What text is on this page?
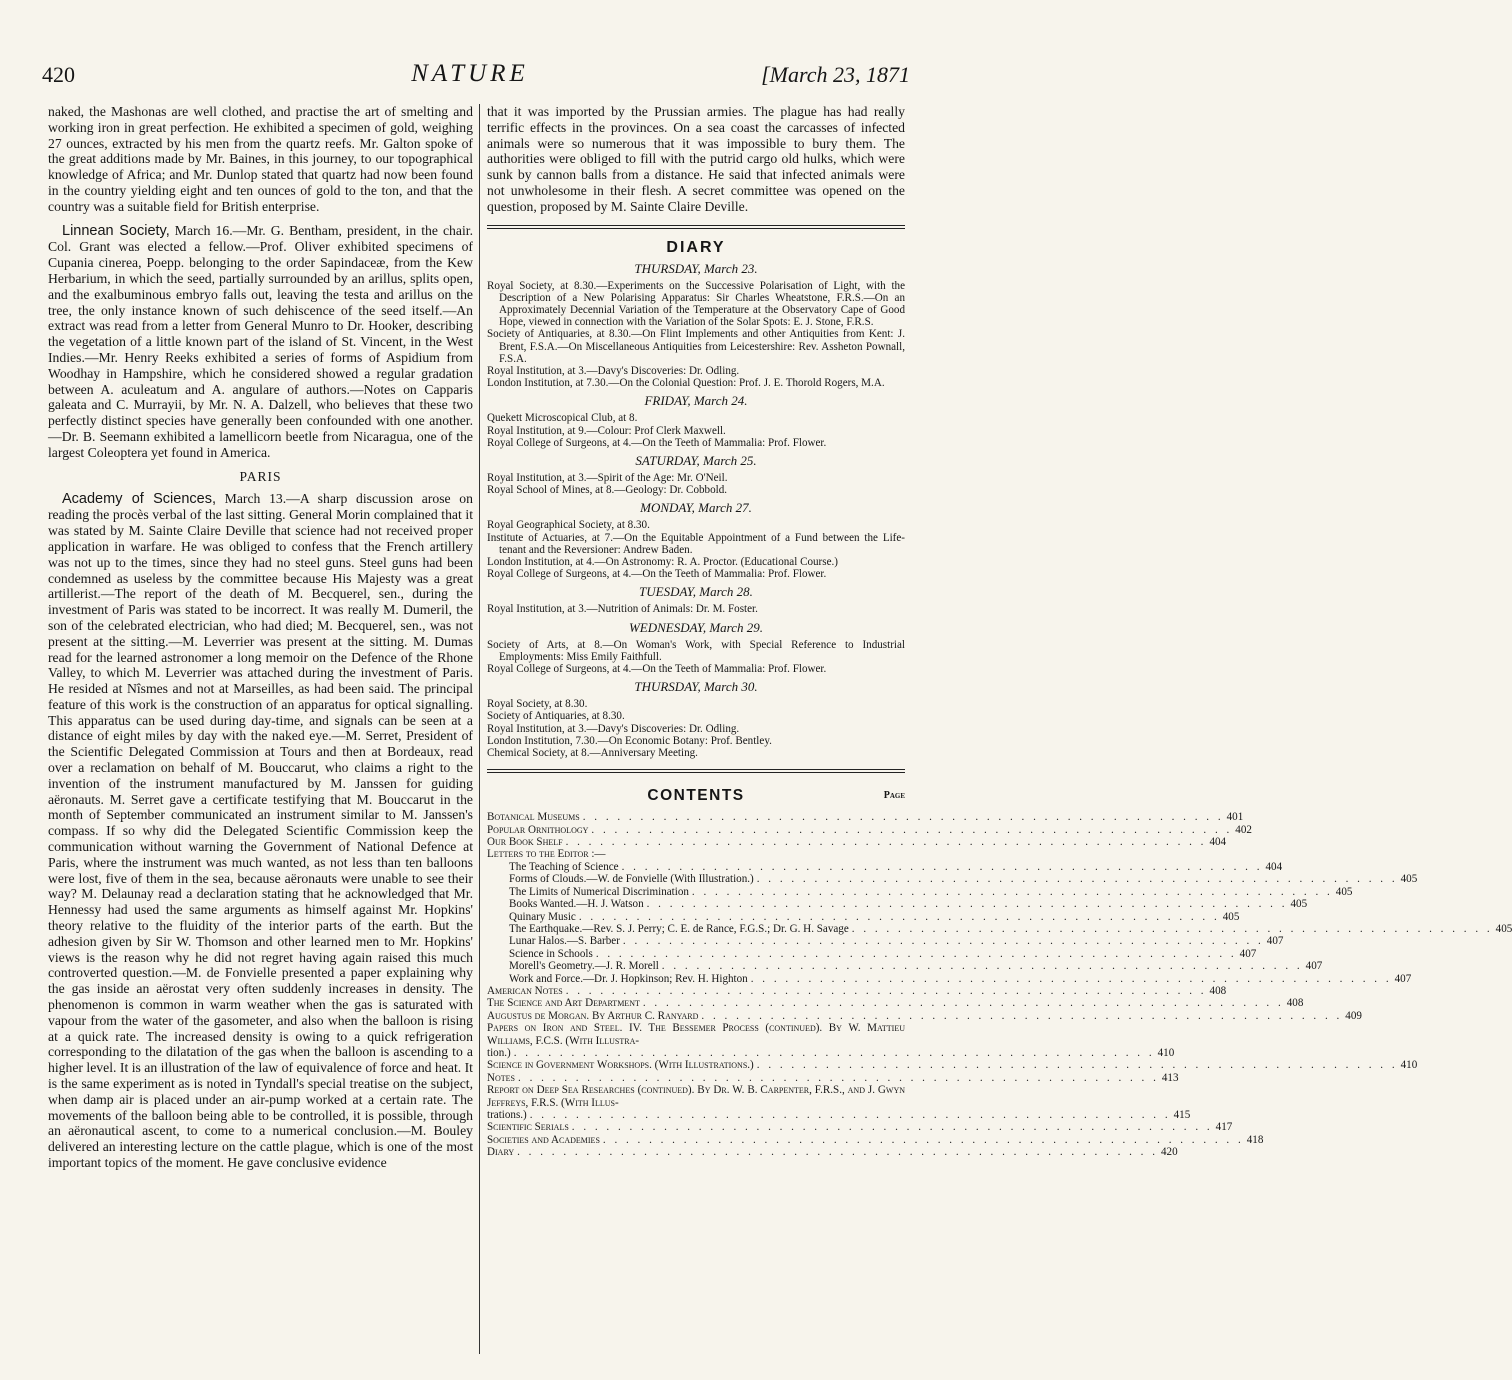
420	NATURE	[March 23, 1871

naked, the Mashonas are well clothed, and practise the art of smelting and working iron in great perfection. He exhibited a specimen of gold, weighing 27 ounces, extracted by his men from the quartz reefs. Mr. Galton spoke of the great additions made by Mr. Baines, in this journey, to our topographical knowledge of Africa; and Mr. Dunlop stated that quartz had now been found in the country yielding eight and ten ounces of gold to the ton, and that the country was a suitable field for British enterprise.

Linnean Society, March 16.—Mr. G. Bentham, president, in the chair. Col. Grant was elected a fellow.—Prof. Oliver exhibited specimens of Cupania cinerea, Poepp. belonging to the order Sapindaceæ, from the Kew Herbarium, in which the seed, partially surrounded by an arillus, splits open, and the exalbuminous embryo falls out, leaving the testa and arillus on the tree, the only instance known of such dehiscence of the seed itself.—An extract was read from a letter from General Munro to Dr. Hooker, describing the vegetation of a little known part of the island of St. Vincent, in the West Indies.—Mr. Henry Reeks exhibited a series of forms of Aspidium from Woodhay in Hampshire, which he considered showed a regular gradation between A. aculeatum and A. angulare of authors.—Notes on Capparis galeata and C. Murrayii, by Mr. N. A. Dalzell, who believes that these two perfectly distinct species have generally been confounded with one another.—Dr. B. Seemann exhibited a lamellicorn beetle from Nicaragua, one of the largest Coleoptera yet found in America.

PARIS

Academy of Sciences, March 13.—A sharp discussion arose on reading the procès verbal of the last sitting. General Morin complained that it was stated by M. Sainte Claire Deville that science had not received proper application in warfare. He was obliged to confess that the French artillery was not up to the times, since they had no steel guns. Steel guns had been condemned as useless by the committee because His Majesty was a great artillerist.—The report of the death of M. Becquerel, sen., during the investment of Paris was stated to be incorrect. It was really M. Dumeril, the son of the celebrated electrician, who had died; M. Becquerel, sen., was not present at the sitting.—M. Leverrier was present at the sitting. M. Dumas read for the learned astronomer a long memoir on the Defence of the Rhone Valley, to which M. Leverrier was attached during the investment of Paris. He resided at Nîsmes and not at Marseilles, as had been said. The principal feature of this work is the construction of an apparatus for optical signalling. This apparatus can be used during day-time, and signals can be seen at a distance of eight miles by day with the naked eye.—M. Serret, President of the Scientific Delegated Commission at Tours and then at Bordeaux, read over a reclamation on behalf of M. Bouccarut, who claims a right to the invention of the instrument manufactured by M. Janssen for guiding aëronauts. M. Serret gave a certificate testifying that M. Bouccarut in the month of September communicated an instrument similar to M. Janssen's compass. If so why did the Delegated Scientific Commission keep the communication without warning the Government of National Defence at Paris, where the instrument was much wanted, as not less than ten balloons were lost, five of them in the sea, because aëronauts were unable to see their way? M. Delaunay read a declaration stating that he acknowledged that Mr. Hennessy had used the same arguments as himself against Mr. Hopkins' theory relative to the fluidity of the interior parts of the earth. But the adhesion given by Sir W. Thomson and other learned men to Mr. Hopkins' views is the reason why he did not regret having again raised this much controverted question.—M. de Fonvielle presented a paper explaining why the gas inside an aërostat very often suddenly increases in density. The phenomenon is common in warm weather when the gas is saturated with vapour from the water of the gasometer, and also when the balloon is rising at a quick rate. The increased density is owing to a quick refrigeration corresponding to the dilatation of the gas when the balloon is ascending to a higher level. It is an illustration of the law of equivalence of force and heat. It is the same experiment as is noted in Tyndall's special treatise on the subject, when damp air is placed under an air-pump worked at a certain rate. The movements of the balloon being able to be controlled, it is possible, through an aëronautical ascent, to come to a numerical conclusion.—M. Bouley delivered an interesting lecture on the cattle plague, which is one of the most important topics of the moment. He gave conclusive evidence

that it was imported by the Prussian armies. The plague has had really terrific effects in the provinces. On a sea coast the carcasses of infected animals were so numerous that it was impossible to bury them. The authorities were obliged to fill with the putrid cargo old hulks, which were sunk by cannon balls from a distance. He said that infected animals were not unwholesome in their flesh. A secret committee was opened on the question, proposed by M. Sainte Claire Deville.

DIARY
THURSDAY, March 23.
Royal Society, at 8.30.—Experiments on the Successive Polarisation of Light, with the Description of a New Polarising Apparatus: Sir Charles Wheatstone, F.R.S.—On an Approximately Decennial Variation of the Temperature at the Observatory Cape of Good Hope, viewed in connection with the Variation of the Solar Spots: E. J. Stone, F.R.S.
Society of Antiquaries, at 8.30.—On Flint Implements and other Antiquities from Kent: J. Brent, F.S.A.—On Miscellaneous Antiquities from Leicestershire: Rev. Assheton Pownall, F.S.A.
Royal Institution, at 3.—Davy's Discoveries: Dr. Odling.
London Institution, at 7.30.—On the Colonial Question: Prof. J. E. Thorold Rogers, M.A.
FRIDAY, March 24.
Quekett Microscopical Club, at 8.
Royal Institution, at 9.—Colour: Prof Clerk Maxwell.
Royal College of Surgeons, at 4.—On the Teeth of Mammalia: Prof. Flower.
SATURDAY, March 25.
Royal Institution, at 3.—Spirit of the Age: Mr. O'Neil.
Royal School of Mines, at 8.—Geology: Dr. Cobbold.
MONDAY, March 27.
Royal Geographical Society, at 8.30.
Institute of Actuaries, at 7.—On the Equitable Appointment of a Fund between the Life-tenant and the Reversioner: Andrew Baden.
London Institution, at 4.—On Astronomy: R. A. Proctor. (Educational Course.)
Royal College of Surgeons, at 4.—On the Teeth of Mammalia: Prof. Flower.
TUESDAY, March 28.
Royal Institution, at 3.—Nutrition of Animals: Dr. M. Foster.
WEDNESDAY, March 29.
Society of Arts, at 8.—On Woman's Work, with Special Reference to Industrial Employments: Miss Emily Faithfull.
Royal College of Surgeons, at 4.—On the Teeth of Mammalia: Prof. Flower.
THURSDAY, March 30.
Royal Society, at 8.30.
Society of Antiquaries, at 8.30.
Royal Institution, at 3.—Davy's Discoveries: Dr. Odling.
London Institution, 7.30.—On Economic Botany: Prof. Bentley.
Chemical Society, at 8.—Anniversary Meeting.
CONTENTS	Page
Botanical Museums . . . . . . . . . . . . . . . . . . . . . . . . . . . . . . . . . . . . . . . . . . . . . . . . . . . . . . . . 401
Popular Ornithology . . . . . . . . . . . . . . . . . . . . . . . . . . . . . . . . . . . . . . . . . . . . . . . . . . . . . . . . 402
Our Book Shelf . . . . . . . . . . . . . . . . . . . . . . . . . . . . . . . . . . . . . . . . . . . . . . . . . . . . . . . . 404
Letters to the Editor :—
The Teaching of Science . . . . . . . . . . . . . . . . . . . . . . . . . . . . . . . . . . . . . . . . . . . . . . . . . . . . . . . . 404
Forms of Clouds.—W. de Fonvielle (With Illustration.) . . . . . . . . . . . . . . . . . . . . . . . . . . . . . . . . . . . . . . . . . . . . . . . . . . . . . . . . 405
The Limits of Numerical Discrimination . . . . . . . . . . . . . . . . . . . . . . . . . . . . . . . . . . . . . . . . . . . . . . . . . . . . . . . . 405
Books Wanted.—H. J. Watson . . . . . . . . . . . . . . . . . . . . . . . . . . . . . . . . . . . . . . . . . . . . . . . . . . . . . . . . 405
Quinary Music . . . . . . . . . . . . . . . . . . . . . . . . . . . . . . . . . . . . . . . . . . . . . . . . . . . . . . . . 405
The Earthquake.—Rev. S. J. Perry; C. E. de Rance, F.G.S.; Dr. G. H. Savage . . . . . . . . . . . . . . . . . . . . . . . . . . . . . . . . . . . . . . . . . . . . . . . . . . . . . . . . 405
Lunar Halos.—S. Barber . . . . . . . . . . . . . . . . . . . . . . . . . . . . . . . . . . . . . . . . . . . . . . . . . . . . . . . . 407
Science in Schools . . . . . . . . . . . . . . . . . . . . . . . . . . . . . . . . . . . . . . . . . . . . . . . . . . . . . . . . 407
Morell's Geometry.—J. R. Morell . . . . . . . . . . . . . . . . . . . . . . . . . . . . . . . . . . . . . . . . . . . . . . . . . . . . . . . . 407
Work and Force.—Dr. J. Hopkinson; Rev. H. Highton . . . . . . . . . . . . . . . . . . . . . . . . . . . . . . . . . . . . . . . . . . . . . . . . . . . . . . . . 407
American Notes . . . . . . . . . . . . . . . . . . . . . . . . . . . . . . . . . . . . . . . . . . . . . . . . . . . . . . . . 408
The Science and Art Department . . . . . . . . . . . . . . . . . . . . . . . . . . . . . . . . . . . . . . . . . . . . . . . . . . . . . . . . 408
Augustus de Morgan. By Arthur C. Ranyard . . . . . . . . . . . . . . . . . . . . . . . . . . . . . . . . . . . . . . . . . . . . . . . . . . . . . . . . 409
Papers on Iron and Steel. IV. The Bessemer Process (continued). By W. Mattieu Williams, F.C.S. (With Illustra-
tion.) . . . . . . . . . . . . . . . . . . . . . . . . . . . . . . . . . . . . . . . . . . . . . . . . . . . . . . . . 410
Science in Government Workshops. (With Illustrations.) . . . . . . . . . . . . . . . . . . . . . . . . . . . . . . . . . . . . . . . . . . . . . . . . . . . . . . . . 410
Notes . . . . . . . . . . . . . . . . . . . . . . . . . . . . . . . . . . . . . . . . . . . . . . . . . . . . . . . . 413
Report on Deep Sea Researches (continued). By Dr. W. B. Carpenter, F.R.S., and J. Gwyn Jeffreys, F.R.S. (With Illus-
trations.) . . . . . . . . . . . . . . . . . . . . . . . . . . . . . . . . . . . . . . . . . . . . . . . . . . . . . . . . 415
Scientific Serials . . . . . . . . . . . . . . . . . . . . . . . . . . . . . . . . . . . . . . . . . . . . . . . . . . . . . . . . 417
Societies and Academies . . . . . . . . . . . . . . . . . . . . . . . . . . . . . . . . . . . . . . . . . . . . . . . . . . . . . . . . 418
Diary . . . . . . . . . . . . . . . . . . . . . . . . . . . . . . . . . . . . . . . . . . . . . . . . . . . . . . . . 420
